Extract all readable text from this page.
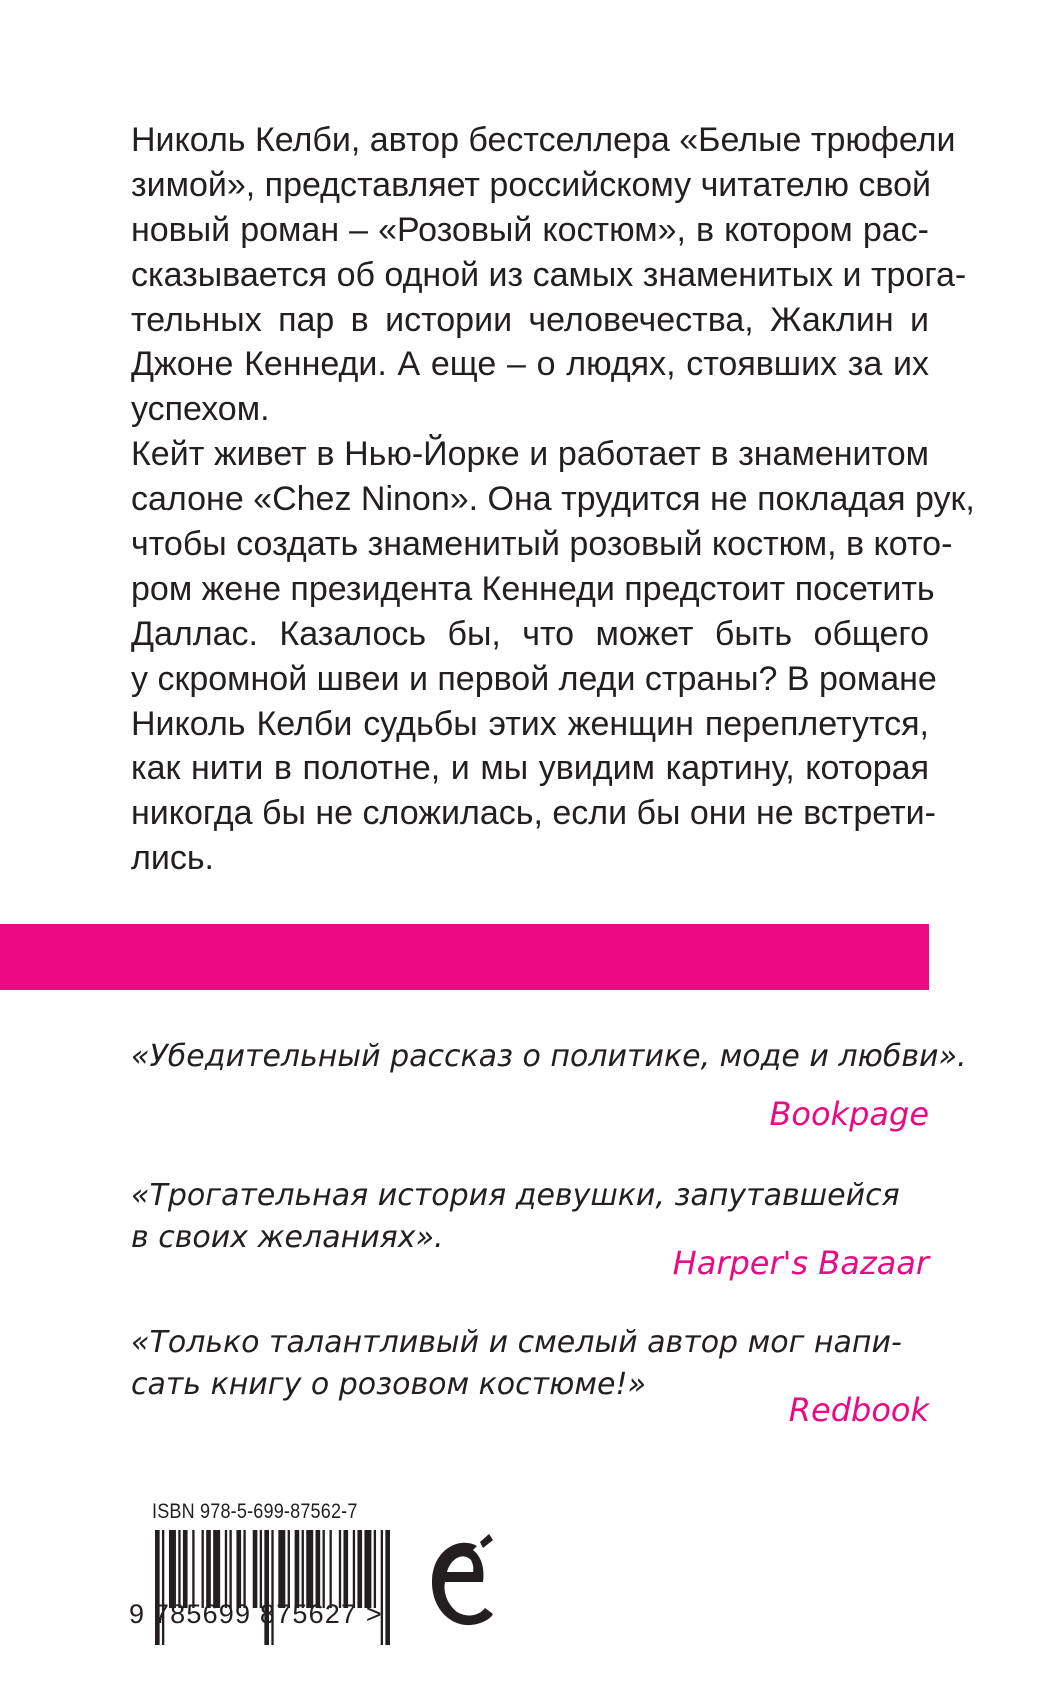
Николь Келби, автор бестселлера «Белые трюфели
зимой», представляет российскому читателю свой
новый роман – «Розовый костюм», в котором рас-
сказывается об одной из самых знаменитых и трога-
тельных пар в истории человечества, Жаклин и
Джоне Кеннеди. А еще – о людях, стоявших за их
успехом.
Кейт живет в Нью-Йорке и работает в знаменитом
салоне «Chez Ninon». Она трудится не покладая рук,
чтобы создать знаменитый розовый костюм, в кото-
ром жене президента Кеннеди предстоит посетить
Даллас. Казалось бы, что может быть общего
у скромной швеи и первой леди страны? В романе
Николь Келби судьбы этих женщин переплетутся,
как нити в полотне, и мы увидим картину, которая
никогда бы не сложилась, если бы они не встрети-
лись.
«Убедительный рассказ о политике, моде и любви».
Bookpage
«Трогательная история девушки, запутавшейся
в своих желаниях».
Harper's Bazaar
«Только талантливый и смелый автор мог напи-
сать книгу о розовом костюме!»
Redbook
ISBN 978-5-699-87562-7
9 785699 875627 >
